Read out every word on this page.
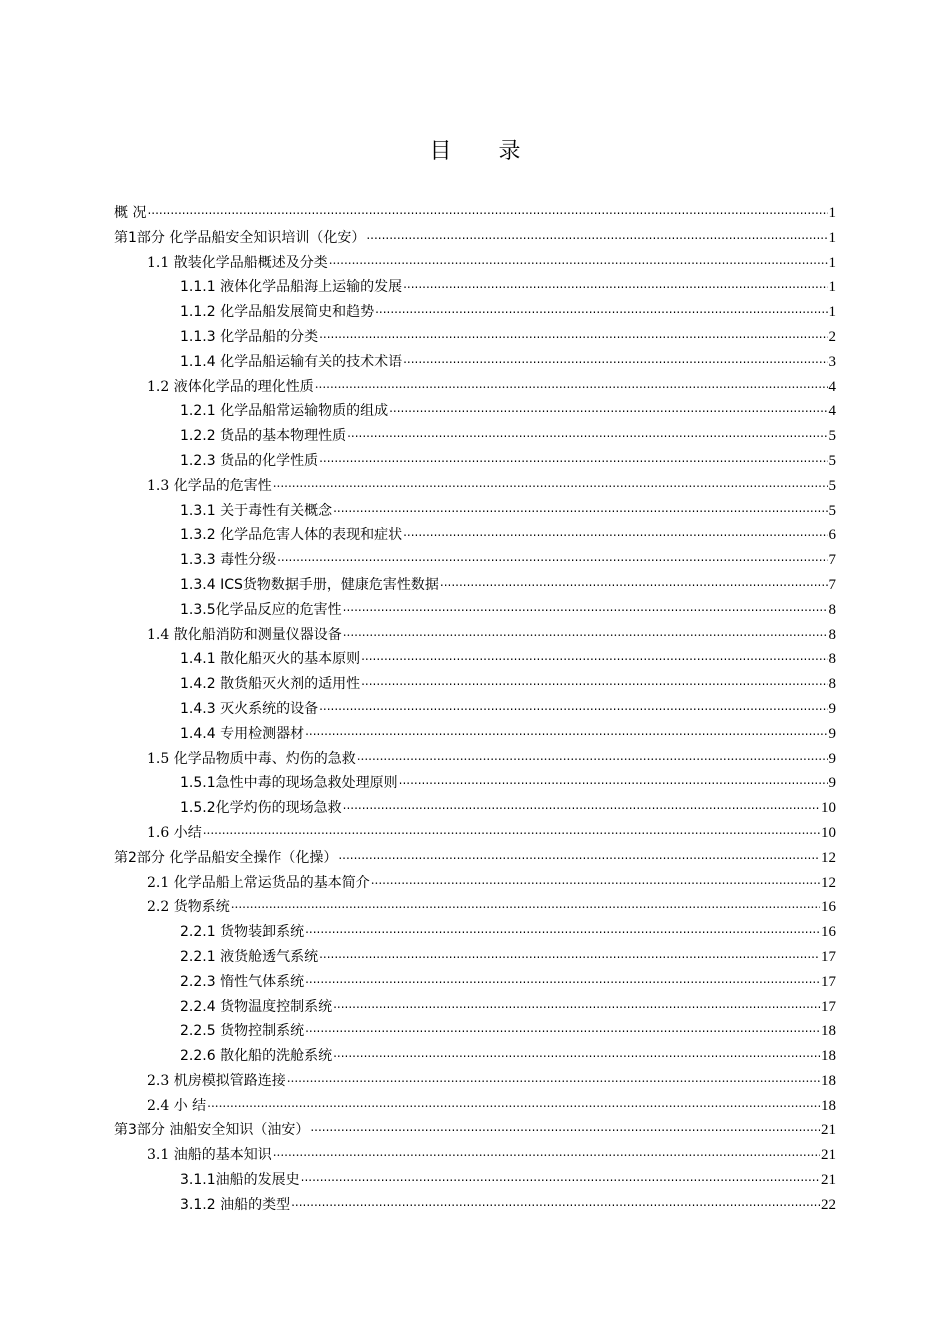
目 录
概 况 .....	1
第1部分 化学品船安全知识培训（化安） .....	1
1.1 散装化学品船概述及分类 .....	1
1.1.1 液体化学品船海上运输的发展 .....	1
1.1.2 化学品船发展简史和趋势 .....	1
1.1.3 化学品船的分类 .....	2
1.1.4 化学品船运输有关的技术术语 .....	3
1.2 液体化学品的理化性质 .....	4
1.2.1 化学品船常运输物质的组成 .....	4
1.2.2 货品的基本物理性质 .....	5
1.2.3 货品的化学性质 .....	5
1.3 化学品的危害性 .....	5
1.3.1 关于毒性有关概念 .....	5
1.3.2 化学品危害人体的表现和症状 .....	6
1.3.3 毒性分级 .....	7
1.3.4 ICS货物数据手册，健康危害性数据 .....	7
1.3.5化学品反应的危害性 .....	8
1.4 散化船消防和测量仪器设备 .....	8
1.4.1 散化船灭火的基本原则 .....	8
1.4.2 散货船灭火剂的适用性 .....	8
1.4.3 灭火系统的设备 .....	9
1.4.4 专用检测器材 .....	9
1.5 化学品物质中毒、灼伤的急救 .....	9
1.5.1急性中毒的现场急救处理原则 .....	9
1.5.2化学灼伤的现场急救 .....	10
1.6 小结 .....	10
第2部分 化学品船安全操作（化操） .....	12
2.1 化学品船上常运货品的基本简介 .....	12
2.2 货物系统 .....	16
2.2.1 货物装卸系统 .....	16
2.2.1 液货舱透气系统 .....	17
2.2.3 惰性气体系统 .....	17
2.2.4 货物温度控制系统 .....	17
2.2.5 货物控制系统 .....	18
2.2.6 散化船的洗舱系统 .....	18
2.3 机房模拟管路连接 .....	18
2.4 小 结 .....	18
第3部分 油船安全知识（油安） .....	21
3.1 油船的基本知识 .....	21
3.1.1油船的发展史 .....	21
3.1.2 油船的类型 .....	22
